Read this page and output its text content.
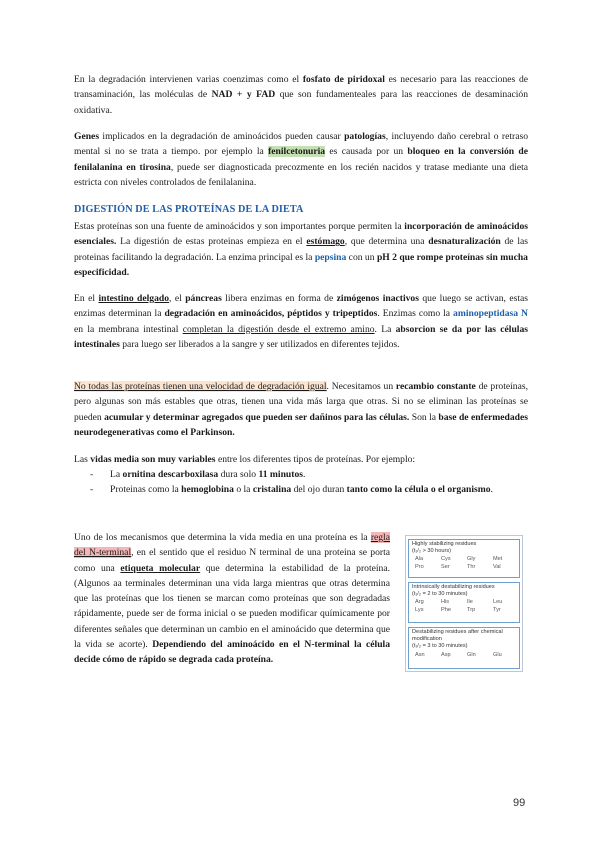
En la degradación intervienen varias coenzimas como el fosfato de piridoxal es necesario para las reacciones de transaminación, las moléculas de NAD + y FAD que son fundamenteales para las reacciones de desaminación oxidativa.

Genes implicados en la degradación de aminoácidos pueden causar patologías, incluyendo daño cerebral o retraso mental si no se trata a tiempo. por ejemplo la fenilcetonuria es causada por un bloqueo en la conversión de fenilalanina en tirosina, puede ser diagnosticada precozmente en los recién nacidos y tratase mediante una dieta estricta con niveles controlados de fenilalanina.

DIGESTIÓN DE LAS PROTEÍNAS DE LA DIETA

Estas proteínas son una fuente de aminoácidos y son importantes porque permiten la incorporación de aminoácidos esenciales. La digestión de estas proteinas empieza en el estómago, que determina una desnaturalización de las proteinas facilitando la degradación. La enzima principal es la pepsina con un pH 2 que rompe proteínas sin mucha especificidad.

En el intestino delgado, el páncreas libera enzimas en forma de zimógenos inactivos que luego se activan, estas enzimas determinan la degradación en aminoácidos, péptidos y tripeptidos. Enzimas como la aminopeptidasa N en la membrana intestinal completan la digestión desde el extremo amino. La absorcion se da por las células intestinales para luego ser liberados a la sangre y ser utilizados en diferentes tejidos.

No todas las proteínas tienen una velocidad de degradación igual. Necesitamos un recambio constante de proteínas, pero algunas son más estables que otras, tienen una vida más larga que otras. Si no se eliminan las proteínas se pueden acumular y determinar agregados que pueden ser dañinos para las células. Son la base de enfermedades neurodegenerativas como el Parkinson.

Las vidas media son muy variables entre los diferentes tipos de proteínas. Por ejemplo:

- La ornitina descarboxilasa dura solo 11 minutos.
- Proteinas como la hemoglobina o la cristalina del ojo duran tanto como la célula o el organismo.

Uno de los mecanismos que determina la vida media en una proteína es la regla del N-terminal, en el sentido que el residuo N terminal de una proteina se porta como una etiqueta molecular que determina la estabilidad de la proteína. (Algunos aa terminales determinan una vida larga mientras que otras determina que las proteínas que los tienen se marcan como proteínas que son degradadas rápidamente, puede ser de forma inicial o se pueden modificar químicamente por diferentes señales que determinan un cambio en el aminoácido que determina que la vida se acorte). Dependiendo del aminoácido en el N-terminal la célula decide cómo de rápido se degrada cada proteína.

Highly stabilizing residues
(t₁/₂ > 30 hours)
Ala	Cys	Gly	Met
Pro	Ser	Thr	Val
Intrinsically destabilizing residues
(t₁/₂ = 2 to 30 minutes)
Arg	His	Ile	Leu
Lys	Phe	Trp	Tyr
Destabilizing residues after chemical modification
(t₁/₂ = 3 to 30 minutes)
Asn	Asp	Gln	Glu
99
